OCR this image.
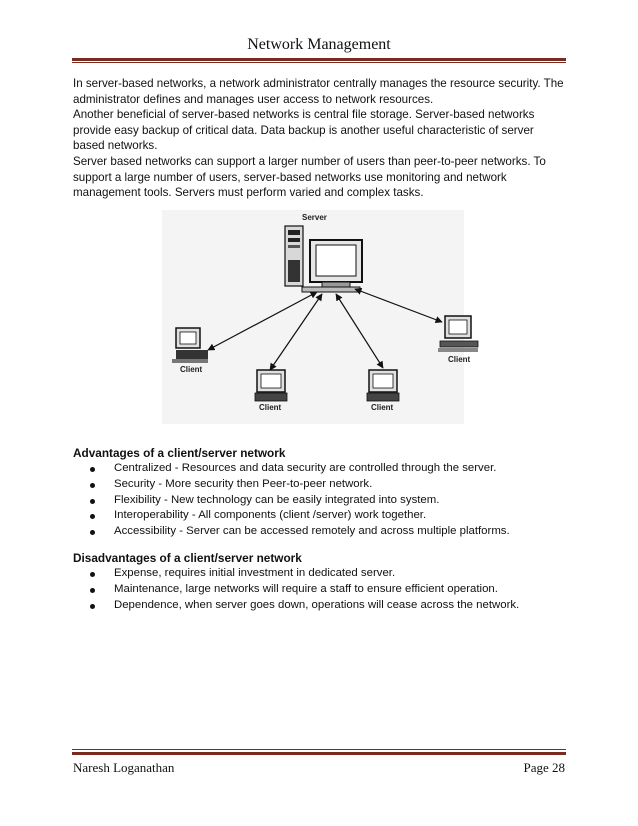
Network Management
In server-based networks, a network administrator centrally manages the resource security. The
administrator defines and manages user access to network resources.
Another beneficial of server-based networks is central file storage. Server-based networks
provide easy backup of critical data. Data backup is another useful characteristic of server
based networks.
Server based networks can support a larger number of users than peer-to-peer networks. To
support a large number of users, server-based networks use monitoring and network
management tools. Servers must perform varied and complex tasks.
Server
Client
Client	Client
Client
Advantages of a client/server network
Centralized - Resources and data security are controlled through the server.
Security - More security then Peer-to-peer network.
Flexibility - New technology can be easily integrated into system.
Interoperability - All components (client /server) work together.
Accessibility - Server can be accessed remotely and across multiple platforms.
Disadvantages of a client/server network
Expense, requires initial investment in dedicated server.
Maintenance, large networks will require a staff to ensure efficient operation.
Dependence, when server goes down, operations will cease across the network.
Naresh Loganathan	Page 28
